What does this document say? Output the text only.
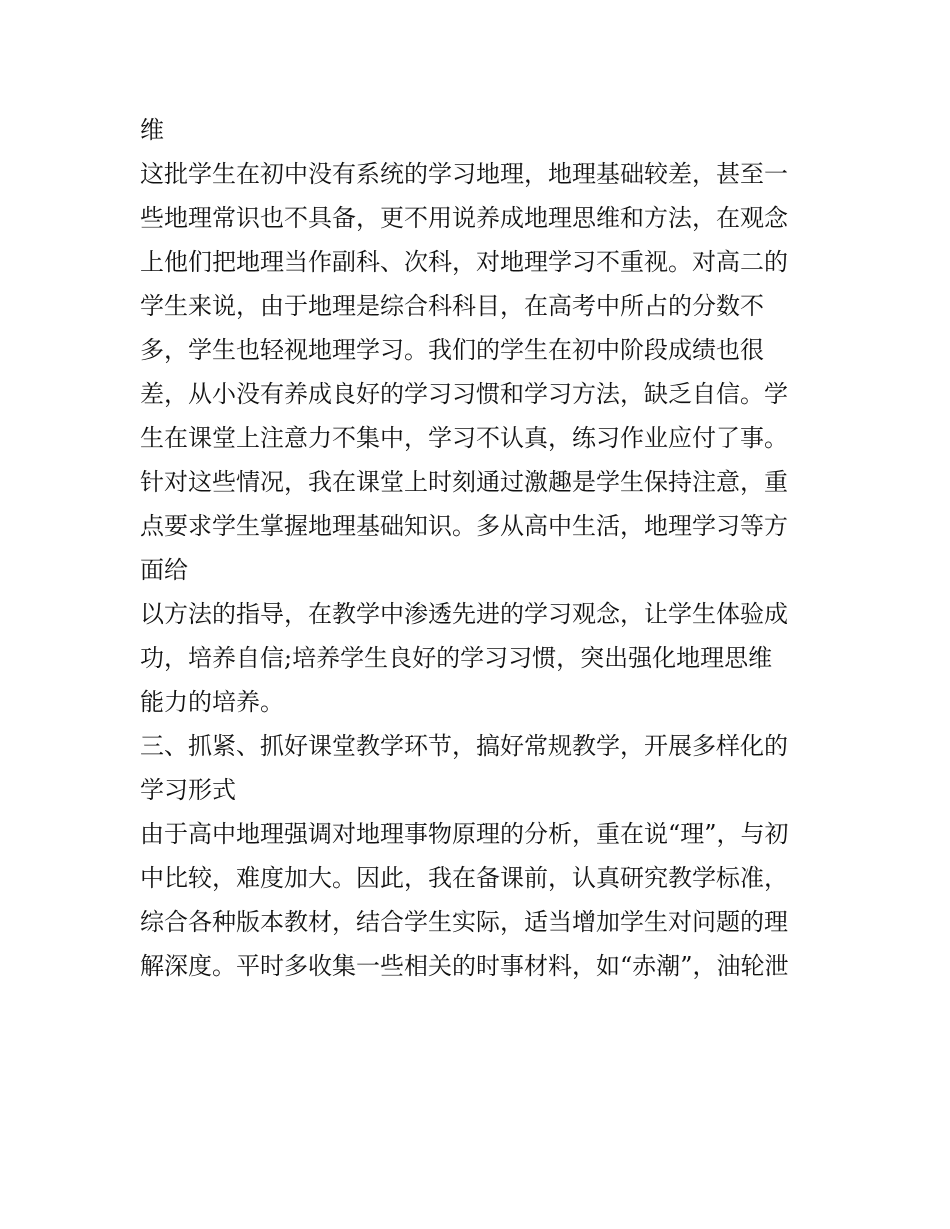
维
这批学生在初中没有系统的学习地理，地理基础较差，甚至一
些地理常识也不具备，更不用说养成地理思维和方法，在观念
上他们把地理当作副科、次科，对地理学习不重视。对高二的
学生来说，由于地理是综合科科目，在高考中所占的分数不
多，学生也轻视地理学习。我们的学生在初中阶段成绩也很
差，从小没有养成良好的学习习惯和学习方法，缺乏自信。学
生在课堂上注意力不集中，学习不认真，练习作业应付了事。
针对这些情况，我在课堂上时刻通过激趣是学生保持注意，重
点要求学生掌握地理基础知识。多从高中生活，地理学习等方
面给
以方法的指导，在教学中渗透先进的学习观念，让学生体验成
功，培养自信;培养学生良好的学习习惯，突出强化地理思维
能力的培养。
三、抓紧、抓好课堂教学环节，搞好常规教学，开展多样化的
学习形式
由于高中地理强调对地理事物原理的分析，重在说“理”，与初
中比较，难度加大。因此，我在备课前，认真研究教学标准，
综合各种版本教材，结合学生实际，适当增加学生对问题的理
解深度。平时多收集一些相关的时事材料，如“赤潮”，油轮泄
